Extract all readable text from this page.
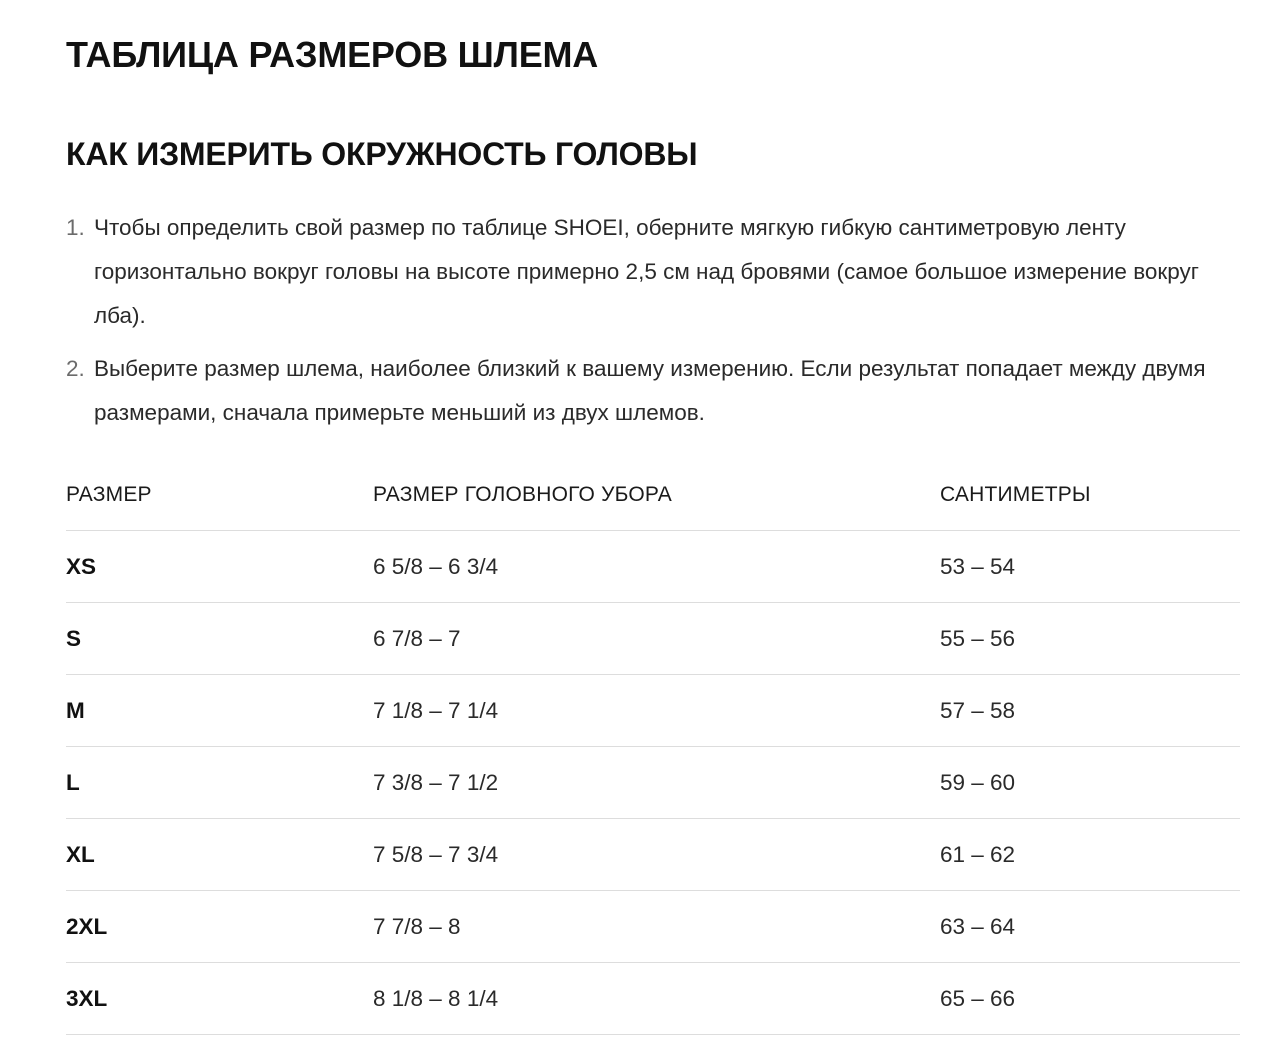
ТАБЛИЦА РАЗМЕРОВ ШЛЕМА
КАК ИЗМЕРИТЬ ОКРУЖНОСТЬ ГОЛОВЫ
1. Чтобы определить свой размер по таблице SHOEI, оберните мягкую гибкую сантиметровую ленту горизонтально вокруг головы на высоте примерно 2,5 см над бровями (самое большое измерение вокруг лба).
2. Выберите размер шлема, наиболее близкий к вашему измерению. Если результат попадает между двумя размерами, сначала примерьте меньший из двух шлемов.
РАЗМЕР	РАЗМЕР ГОЛОВНОГО УБОРА	САНТИМЕТРЫ
XS	6 5/8 – 6 3/4	53 – 54
S	6 7/8 – 7	55 – 56
M	7 1/8 – 7 1/4	57 – 58
L	7 3/8 – 7 1/2	59 – 60
XL	7 5/8 – 7 3/4	61 – 62
2XL	7 7/8 – 8	63 – 64
3XL	8 1/8 – 8 1/4	65 – 66
